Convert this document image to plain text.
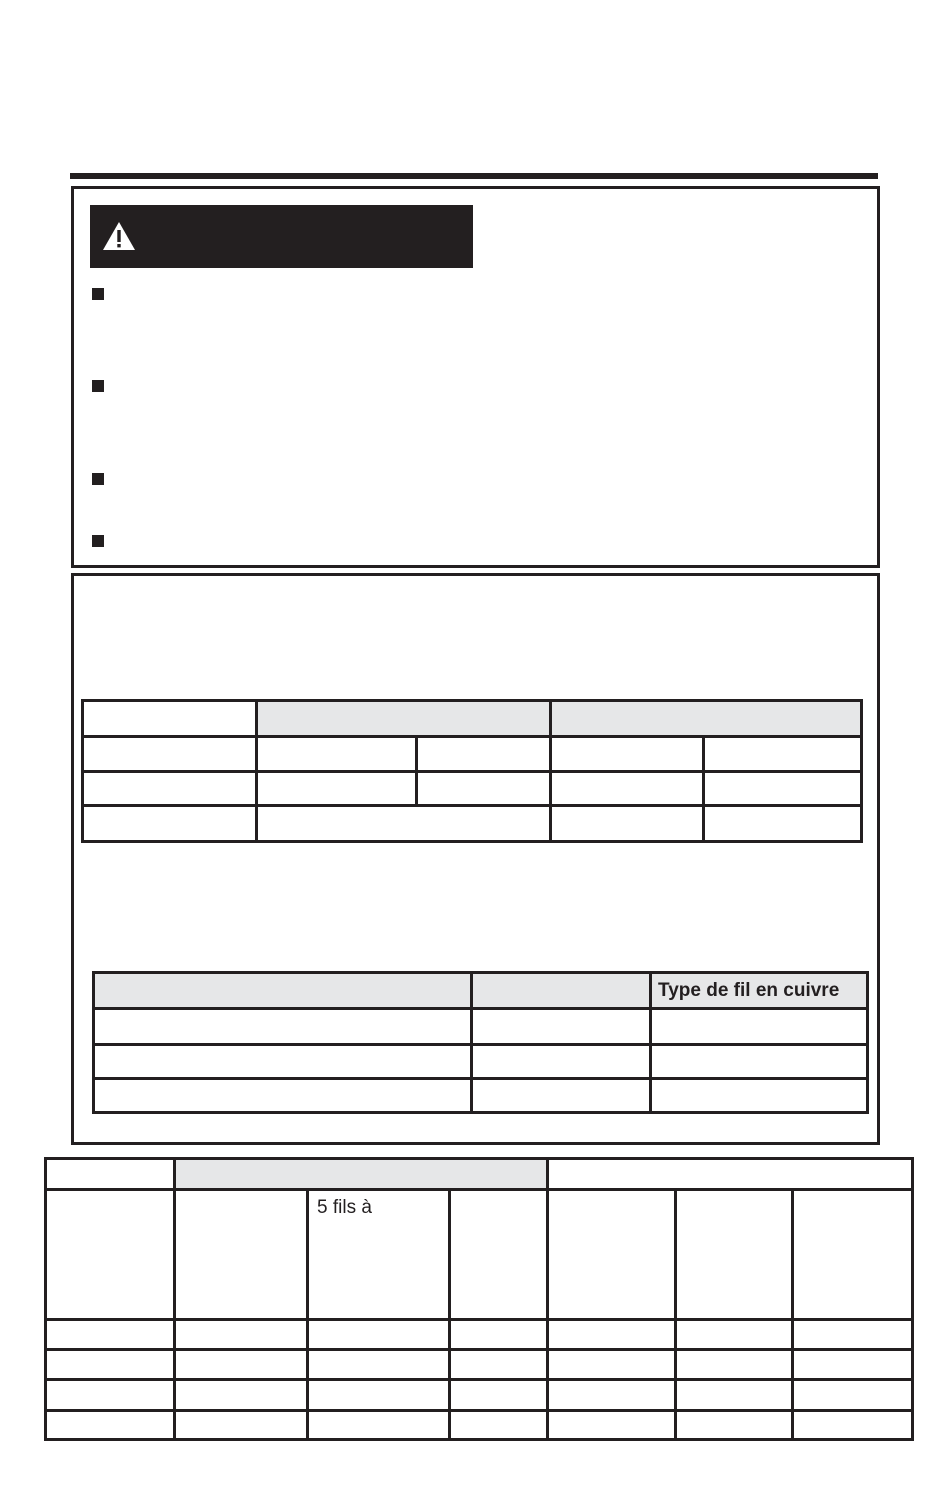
		Type de fil en cuivre

		5 fils à				
